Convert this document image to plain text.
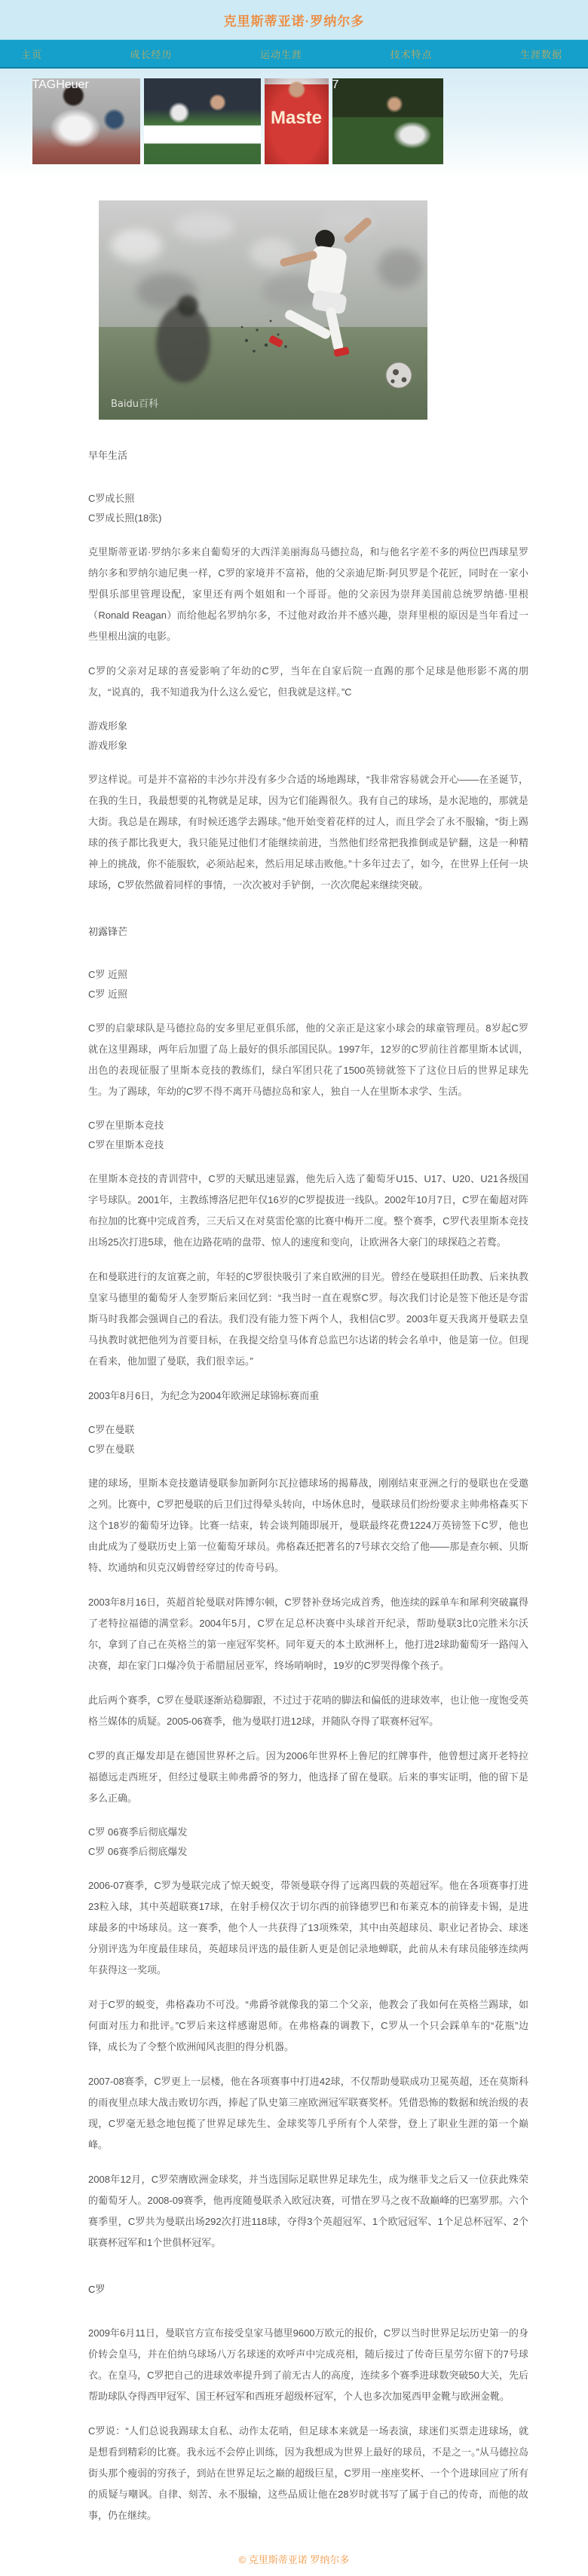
克里斯蒂亚诺·罗纳尔多
主页	成长经历	运动生涯	技术特点	生涯数据
TAGHeuer
Maste
7
Baidu百科
早年生活
C罗成长照
C罗成长照(18张)
克里斯蒂亚诺·罗纳尔多来自葡萄牙的大西洋美丽海岛马德拉岛，和与他名字差不多的两位巴西球星罗纳尔多和罗纳尔迪尼奥一样，C罗的家境并不富裕，他的父亲迪尼斯·阿贝罗是个花匠，同时在一家小型俱乐部里管理设配，家里还有两个姐姐和一个哥哥。他的父亲因为崇拜美国前总统罗纳德·里根（Ronald Reagan）而给他起名罗纳尔多，不过他对政治并不感兴趣，崇拜里根的原因是当年看过一些里根出演的电影。
C罗的父亲对足球的喜爱影响了年幼的C罗，当年在自家后院一直踢的那个足球是他形影不离的朋友，“说真的，我不知道我为什么这么爱它，但我就是这样。”C
游戏形象
游戏形象
罗这样说。可是并不富裕的丰沙尔并没有多少合适的场地踢球，“我非常容易就会开心——在圣诞节，在我的生日，我最想要的礼物就是足球，因为它们能踢很久。我有自己的球场，是水泥地的，那就是大街。我总是在踢球，有时候还逃学去踢球。”他开始变着花样的过人，而且学会了永不服输，“街上踢球的孩子都比我更大，我只能晃过他们才能继续前进，当然他们经常把我推倒或是铲翻，这是一种精神上的挑战，你不能服软，必须站起来，然后用足球击败他。”十多年过去了，如今，在世界上任何一块球场，C罗依然做着同样的事情，一次次被对手铲倒，一次次爬起来继续突破。
初露锋芒
C罗 近照
C罗 近照
C罗的启蒙球队是马德拉岛的安多里尼亚俱乐部，他的父亲正是这家小球会的球童管理员。8岁起C罗就在这里踢球，两年后加盟了岛上最好的俱乐部国民队。1997年，12岁的C罗前往首都里斯本试训，出色的表现征服了里斯本竞技的教练们，绿白军团只花了1500英镑就签下了这位日后的世界足球先生。为了踢球，年幼的C罗不得不离开马德拉岛和家人，独自一人在里斯本求学、生活。
C罗在里斯本竞技
C罗在里斯本竞技
在里斯本竞技的青训营中，C罗的天赋迅速显露，他先后入选了葡萄牙U15、U17、U20、U21各级国字号球队。2001年，主教练博洛尼把年仅16岁的C罗提拔进一线队。2002年10月7日，C罗在葡超对阵布拉加的比赛中完成首秀，三天后又在对莫雷伦塞的比赛中梅开二度。整个赛季，C罗代表里斯本竞技出场25次打进5球，他在边路花哨的盘带、惊人的速度和变向，让欧洲各大豪门的球探趋之若鹜。
在和曼联进行的友谊赛之前，年轻的C罗很快吸引了来自欧洲的目光。曾经在曼联担任助教、后来执教皇家马德里的葡萄牙人奎罗斯后来回忆到：“我当时一直在观察C罗。每次我们讨论是签下他还是夸雷斯马时我都会强调自己的看法。我们没有能力签下两个人，我相信C罗。2003年夏天我离开曼联去皇马执教时就把他列为首要目标，在我提交给皇马体育总监巴尔达诺的转会名单中，他是第一位。但现在看来，他加盟了曼联，我们很幸运。”
2003年8月6日，为纪念为2004年欧洲足球锦标赛而重
C罗在曼联
C罗在曼联
建的球场，里斯本竞技邀请曼联参加新阿尔瓦拉德球场的揭幕战，刚刚结束亚洲之行的曼联也在受邀之列。比赛中，C罗把曼联的后卫们过得晕头转向，中场休息时，曼联球员们纷纷要求主帅弗格森买下这个18岁的葡萄牙边锋。比赛一结束，转会谈判随即展开，曼联最终花费1224万英镑签下C罗，他也由此成为了曼联历史上第一位葡萄牙球员。弗格森还把著名的7号球衣交给了他——那是查尔顿、贝斯特、坎通纳和贝克汉姆曾经穿过的传奇号码。
2003年8月16日，英超首轮曼联对阵博尔顿，C罗替补登场完成首秀，他连续的踩单车和犀利突破赢得了老特拉福德的满堂彩。2004年5月，C罗在足总杯决赛中头球首开纪录，帮助曼联3比0完胜米尔沃尔，拿到了自己在英格兰的第一座冠军奖杯。同年夏天的本土欧洲杯上，他打进2球助葡萄牙一路闯入决赛，却在家门口爆冷负于希腊屈居亚军，终场哨响时，19岁的C罗哭得像个孩子。
此后两个赛季，C罗在曼联逐渐站稳脚跟，不过过于花哨的脚法和偏低的进球效率，也让他一度饱受英格兰媒体的质疑。2005-06赛季，他为曼联打进12球，并随队夺得了联赛杯冠军。
C罗的真正爆发却是在德国世界杯之后。因为2006年世界杯上鲁尼的红牌事件，他曾想过离开老特拉福德远走西班牙，但经过曼联主帅弗爵爷的努力，他选择了留在曼联。后来的事实证明，他的留下是多么正确。
C罗 06赛季后彻底爆发
C罗 06赛季后彻底爆发
2006-07赛季，C罗为曼联完成了惊天蜕变，带领曼联夺得了远离四载的英超冠军。他在各项赛事打进23粒入球，其中英超联赛17球，在射手榜仅次于切尔西的前锋德罗巴和布莱克本的前锋麦卡锡，是进球最多的中场球员。这一赛季，他个人一共获得了13项殊荣，其中由英超球员、职业记者协会、球迷分别评选为年度最佳球员，英超球员评选的最佳新人更是创记录地蝉联，此前从未有球员能够连续两年获得这一奖项。
对于C罗的蜕变，弗格森功不可没。“弗爵爷就像我的第二个父亲，他教会了我如何在英格兰踢球，如何面对压力和批评。”C罗后来这样感谢恩师。在弗格森的调教下，C罗从一个只会踩单车的“花瓶”边锋，成长为了令整个欧洲闻风丧胆的得分机器。
2007-08赛季，C罗更上一层楼，他在各项赛事中打进42球，不仅帮助曼联成功卫冕英超，还在莫斯科的雨夜里点球大战击败切尔西，捧起了队史第三座欧洲冠军联赛奖杯。凭借恐怖的数据和统治级的表现，C罗毫无悬念地包揽了世界足球先生、金球奖等几乎所有个人荣誉，登上了职业生涯的第一个巅峰。
2008年12月，C罗荣膺欧洲金球奖，并当选国际足联世界足球先生，成为继菲戈之后又一位获此殊荣的葡萄牙人。2008-09赛季，他再度随曼联杀入欧冠决赛，可惜在罗马之夜不敌巅峰的巴塞罗那。六个赛季里，C罗共为曼联出场292次打进118球，夺得3个英超冠军、1个欧冠冠军、1个足总杯冠军、2个联赛杯冠军和1个世俱杯冠军。
C罗
2009年6月11日，曼联官方宣布接受皇家马德里9600万欧元的报价，C罗以当时世界足坛历史第一的身价转会皇马，并在伯纳乌球场八万名球迷的欢呼声中完成亮相，随后接过了传奇巨星劳尔留下的7号球衣。在皇马，C罗把自己的进球效率提升到了前无古人的高度，连续多个赛季进球数突破50大关，先后帮助球队夺得西甲冠军、国王杯冠军和西班牙超级杯冠军，个人也多次加冕西甲金靴与欧洲金靴。
C罗说：“人们总说我踢球太自私、动作太花哨，但足球本来就是一场表演，球迷们买票走进球场，就是想看到精彩的比赛。我永远不会停止训练，因为我想成为世界上最好的球员，不是之一。”从马德拉岛街头那个瘦弱的穷孩子，到站在世界足坛之巅的超级巨星，C罗用一座座奖杯、一个个进球回应了所有的质疑与嘲讽。自律、刻苦、永不服输，这些品质让他在28岁时就书写了属于自己的传奇，而他的故事，仍在继续。
© 克里斯蒂亚诺 罗纳尔多
